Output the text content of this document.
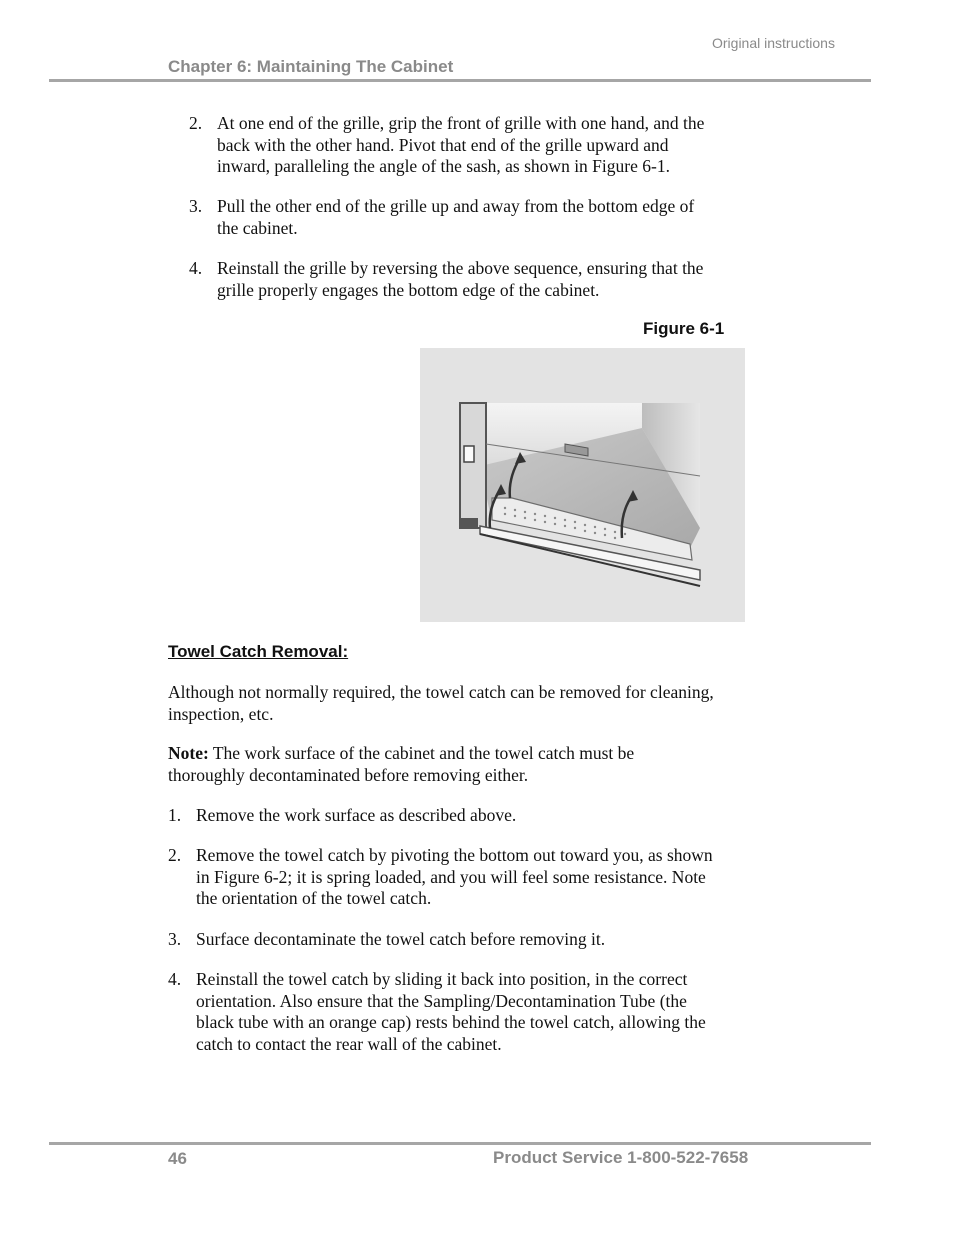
Original instructions
Chapter 6: Maintaining The Cabinet
2. At one end of the grille, grip the front of grille with one hand, and the
back with the other hand. Pivot that end of the grille upward and
inward, paralleling the angle of the sash, as shown in Figure 6-1.
3. Pull the other end of the grille up and away from the bottom edge of
the cabinet.
4. Reinstall the grille by reversing the above sequence, ensuring that the
grille properly engages the bottom edge of the cabinet.
Figure 6-1
Towel Catch Removal:
Although not normally required, the towel catch can be removed for cleaning,
inspection, etc.
Note: The work surface of the cabinet and the towel catch must be
thoroughly decontaminated before removing either.
1. Remove the work surface as described above.
2. Remove the towel catch by pivoting the bottom out toward you, as shown
in Figure 6-2; it is spring loaded, and you will feel some resistance. Note
the orientation of the towel catch.
3. Surface decontaminate the towel catch before removing it.
4. Reinstall the towel catch by sliding it back into position, in the correct
orientation. Also ensure that the Sampling/Decontamination Tube (the
black tube with an orange cap) rests behind the towel catch, allowing the
catch to contact the rear wall of the cabinet.
46	Product Service 1-800-522-7658
